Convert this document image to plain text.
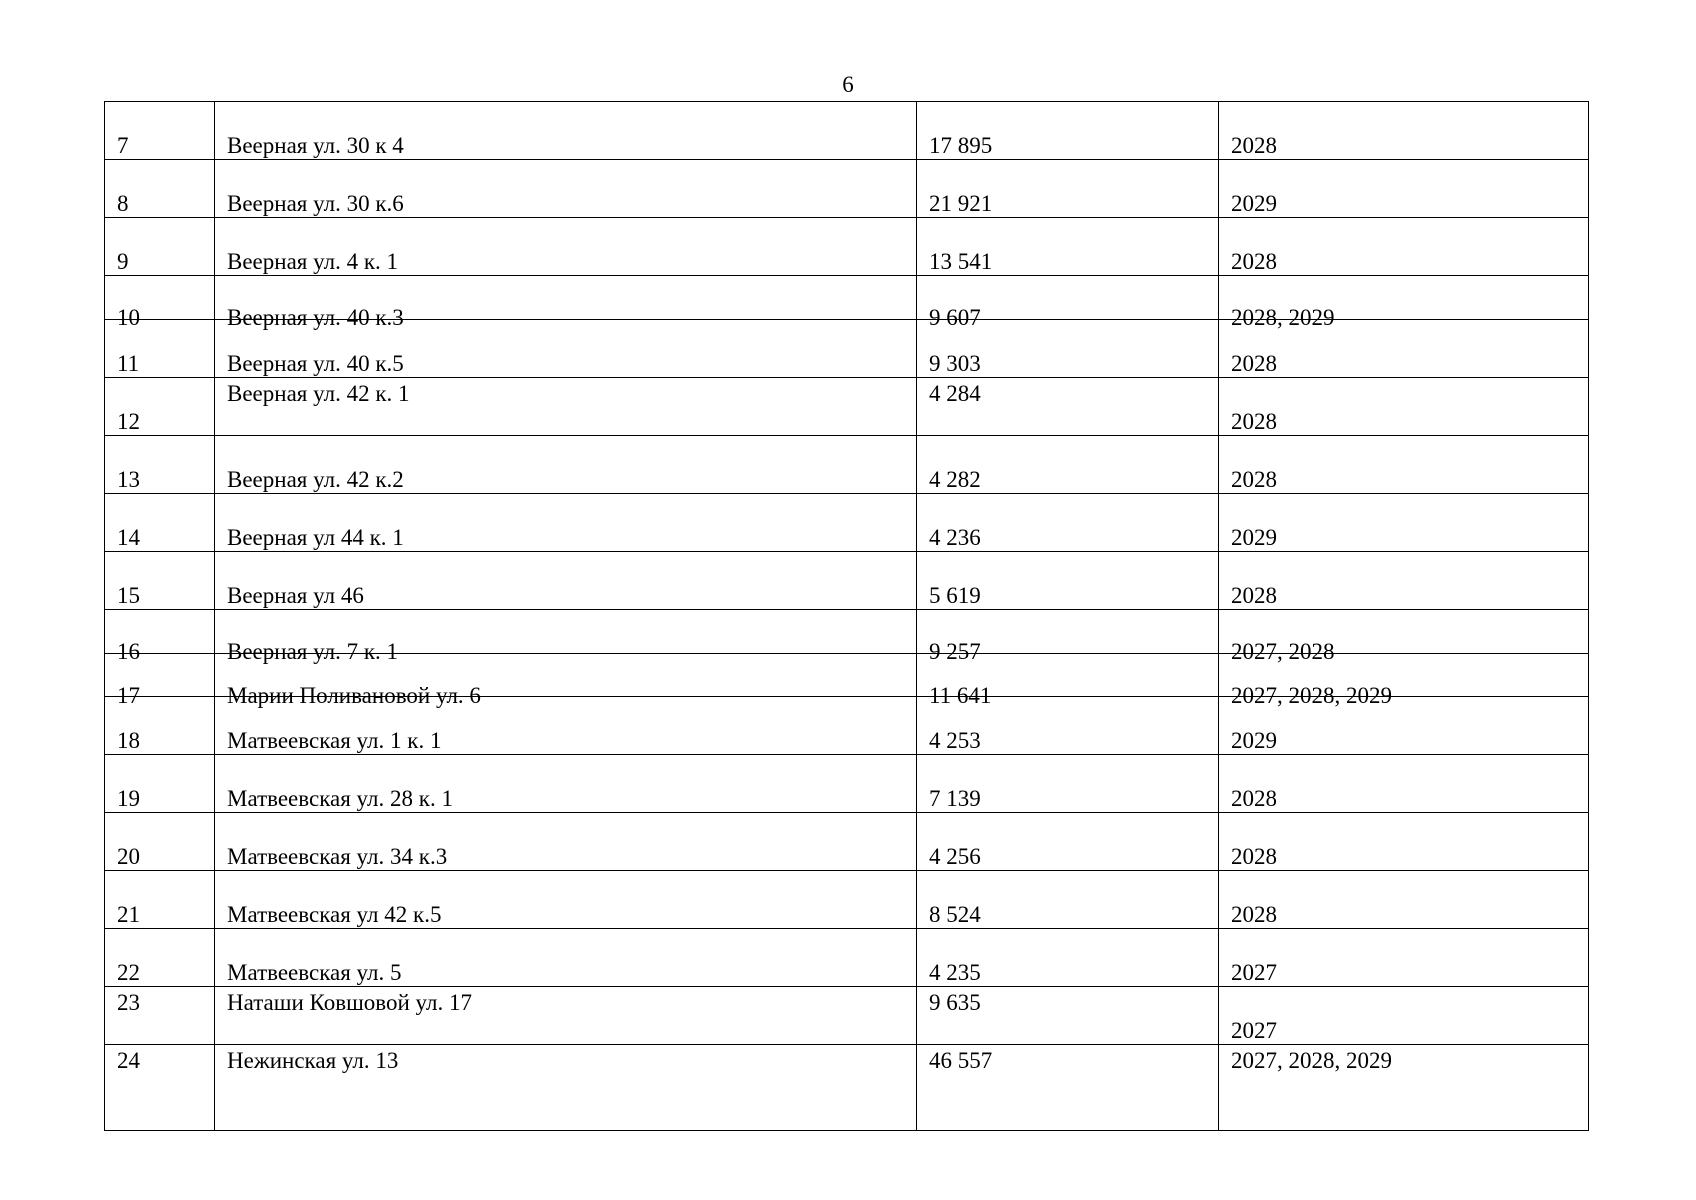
6
7	Веерная ул. 30 к 4	17 895	2028

8	Веерная ул. 30 к.6	21 921	2029

9	Веерная ул. 4 к. 1	13 541	2028

10	Веерная ул. 40 к.3	9 607	2028, 2029

11	Веерная ул. 40 к.5	9 303	2028

12	Веерная ул. 42 к. 1	4 284	2028

13	Веерная ул. 42 к.2	4 282	2028

14	Веерная ул 44 к. 1	4 236	2029

15	Веерная ул 46	5 619	2028

16	Веерная ул. 7 к. 1	9 257	2027, 2028

17	Марии Поливановой ул. 6	11 641	2027, 2028, 2029

18	Матвеевская ул. 1 к. 1	4 253	2029

19	Матвеевская ул. 28 к. 1	7 139	2028

20	Матвеевская ул. 34 к.3	4 256	2028

21	Матвеевская ул 42 к.5	8 524	2028

22	Матвеевская ул. 5	4 235	2027

23	Наташи Ковшовой ул. 17	9 635	2027

24	Нежинская ул. 13	46 557	2027, 2028, 2029
